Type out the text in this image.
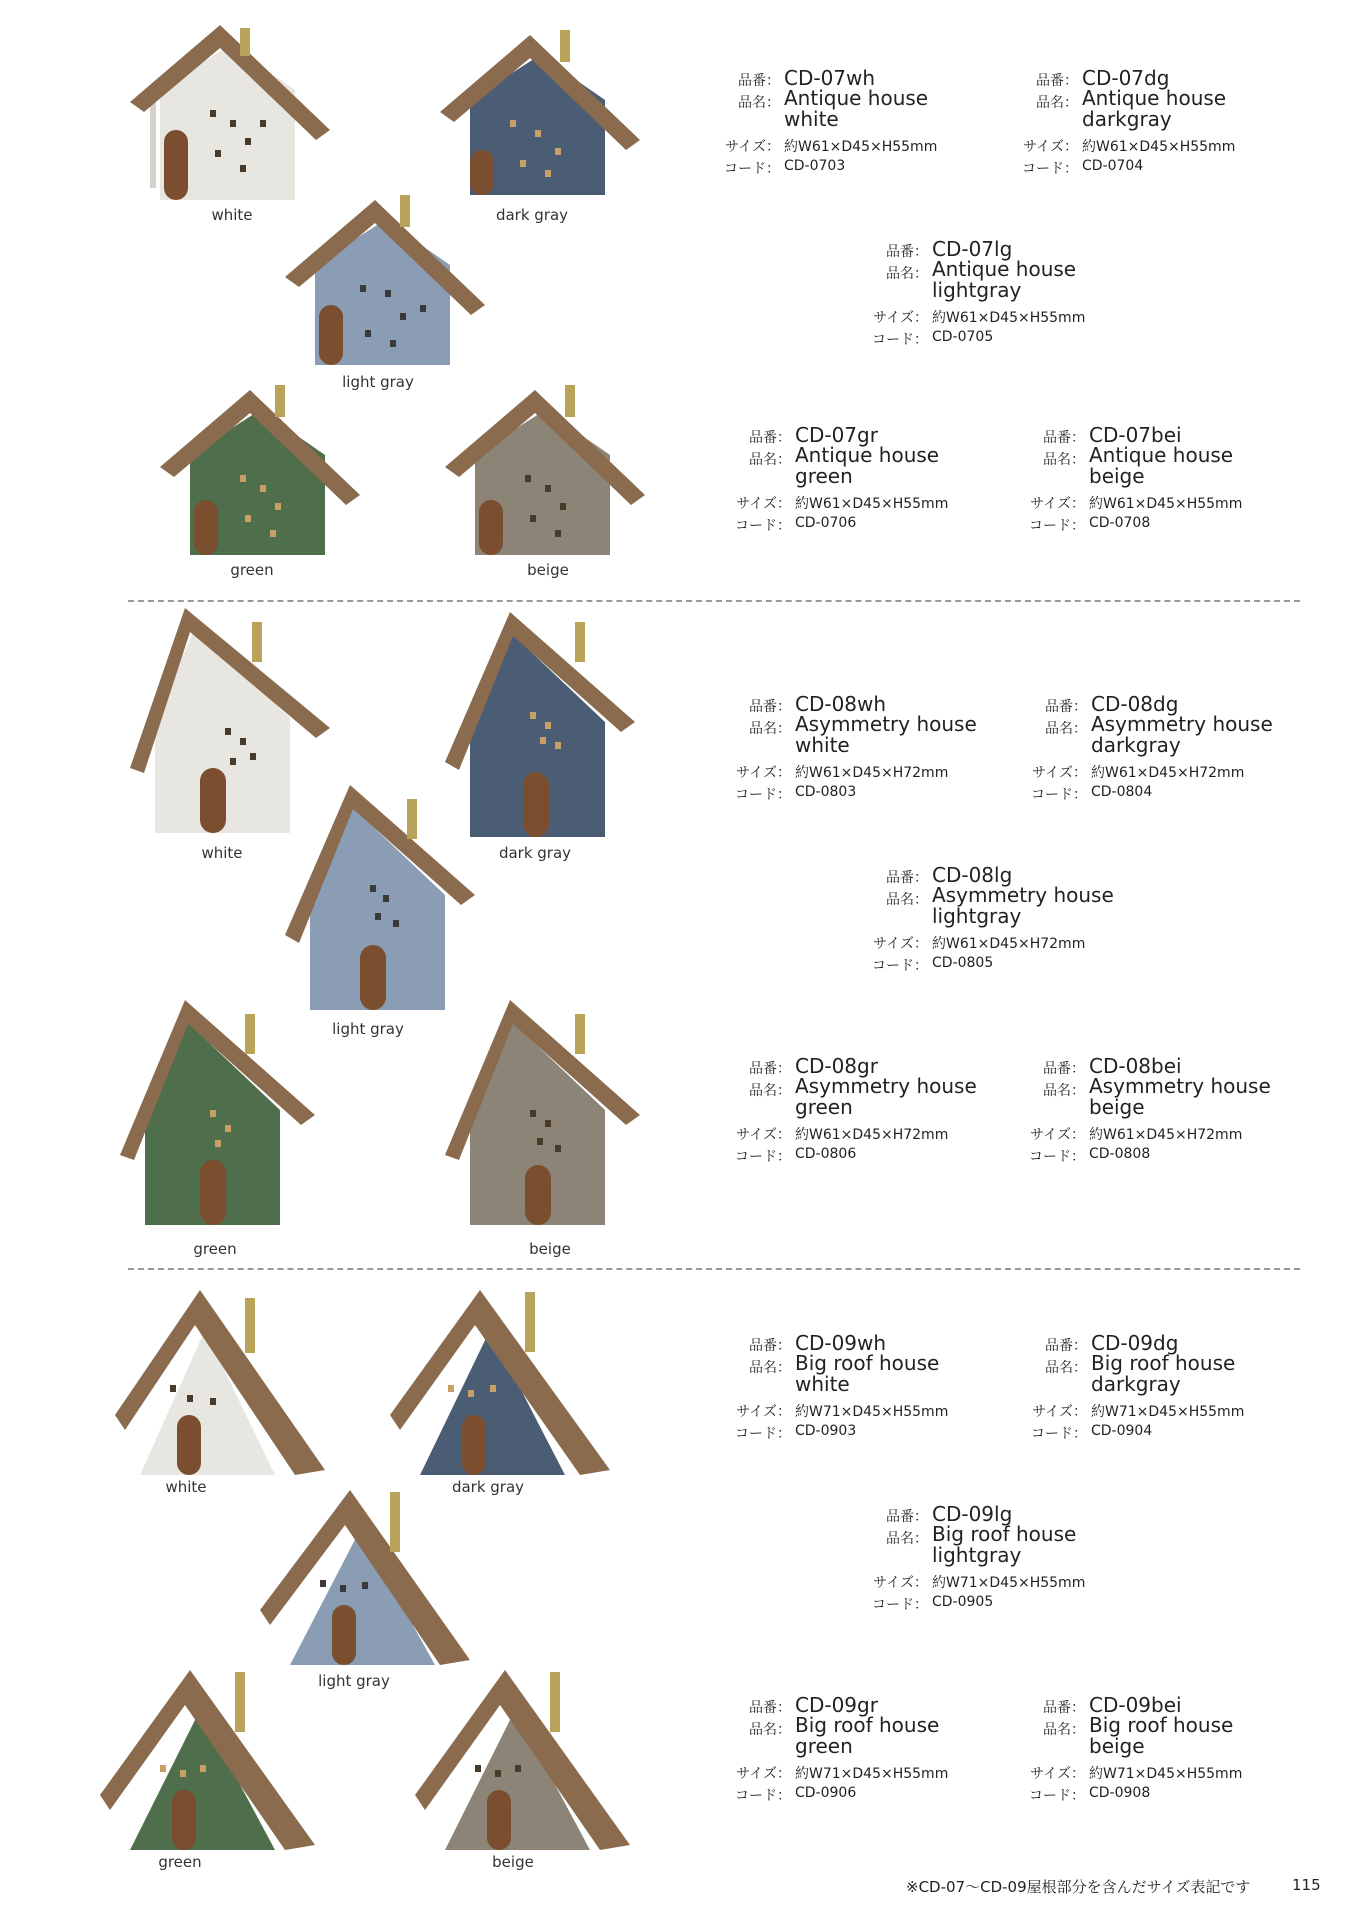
white	dark gray
light gray
green	beige
品番： CD-07wh
品名： Antique house
white
サイズ： 約W61×D45×H55mm
コード： CD-0703
品番： CD-07dg
品名： Antique house
darkgray
サイズ： 約W61×D45×H55mm
コード： CD-0704
品番： CD-07lg
品名： Antique house
lightgray
サイズ： 約W61×D45×H55mm
コード： CD-0705
品番： CD-07gr
品名： Antique house
green
サイズ： 約W61×D45×H55mm
コード： CD-0706
品番： CD-07bei
品名： Antique house
beige
サイズ： 約W61×D45×H55mm
コード： CD-0708
white	dark gray
light gray
green	beige
品番： CD-08wh
品名： Asymmetry house
white
サイズ： 約W61×D45×H72mm
コード： CD-0803
品番： CD-08dg
品名： Asymmetry house
darkgray
サイズ： 約W61×D45×H72mm
コード： CD-0804
品番： CD-08lg
品名： Asymmetry house
lightgray
サイズ： 約W61×D45×H72mm
コード： CD-0805
品番： CD-08gr
品名： Asymmetry house
green
サイズ： 約W61×D45×H72mm
コード： CD-0806
品番： CD-08bei
品名： Asymmetry house
beige
サイズ： 約W61×D45×H72mm
コード： CD-0808
white	dark gray
light gray
green	beige
品番： CD-09wh
品名： Big roof house
white
サイズ： 約W71×D45×H55mm
コード： CD-0903
品番： CD-09dg
品名： Big roof house
darkgray
サイズ： 約W71×D45×H55mm
コード： CD-0904
品番： CD-09lg
品名： Big roof house
lightgray
サイズ： 約W71×D45×H55mm
コード： CD-0905
品番： CD-09gr
品名： Big roof house
green
サイズ： 約W71×D45×H55mm
コード： CD-0906
品番： CD-09bei
品名： Big roof house
beige
サイズ： 約W71×D45×H55mm
コード： CD-0908
※CD-07〜CD-09屋根部分を含んだサイズ表記です	115
